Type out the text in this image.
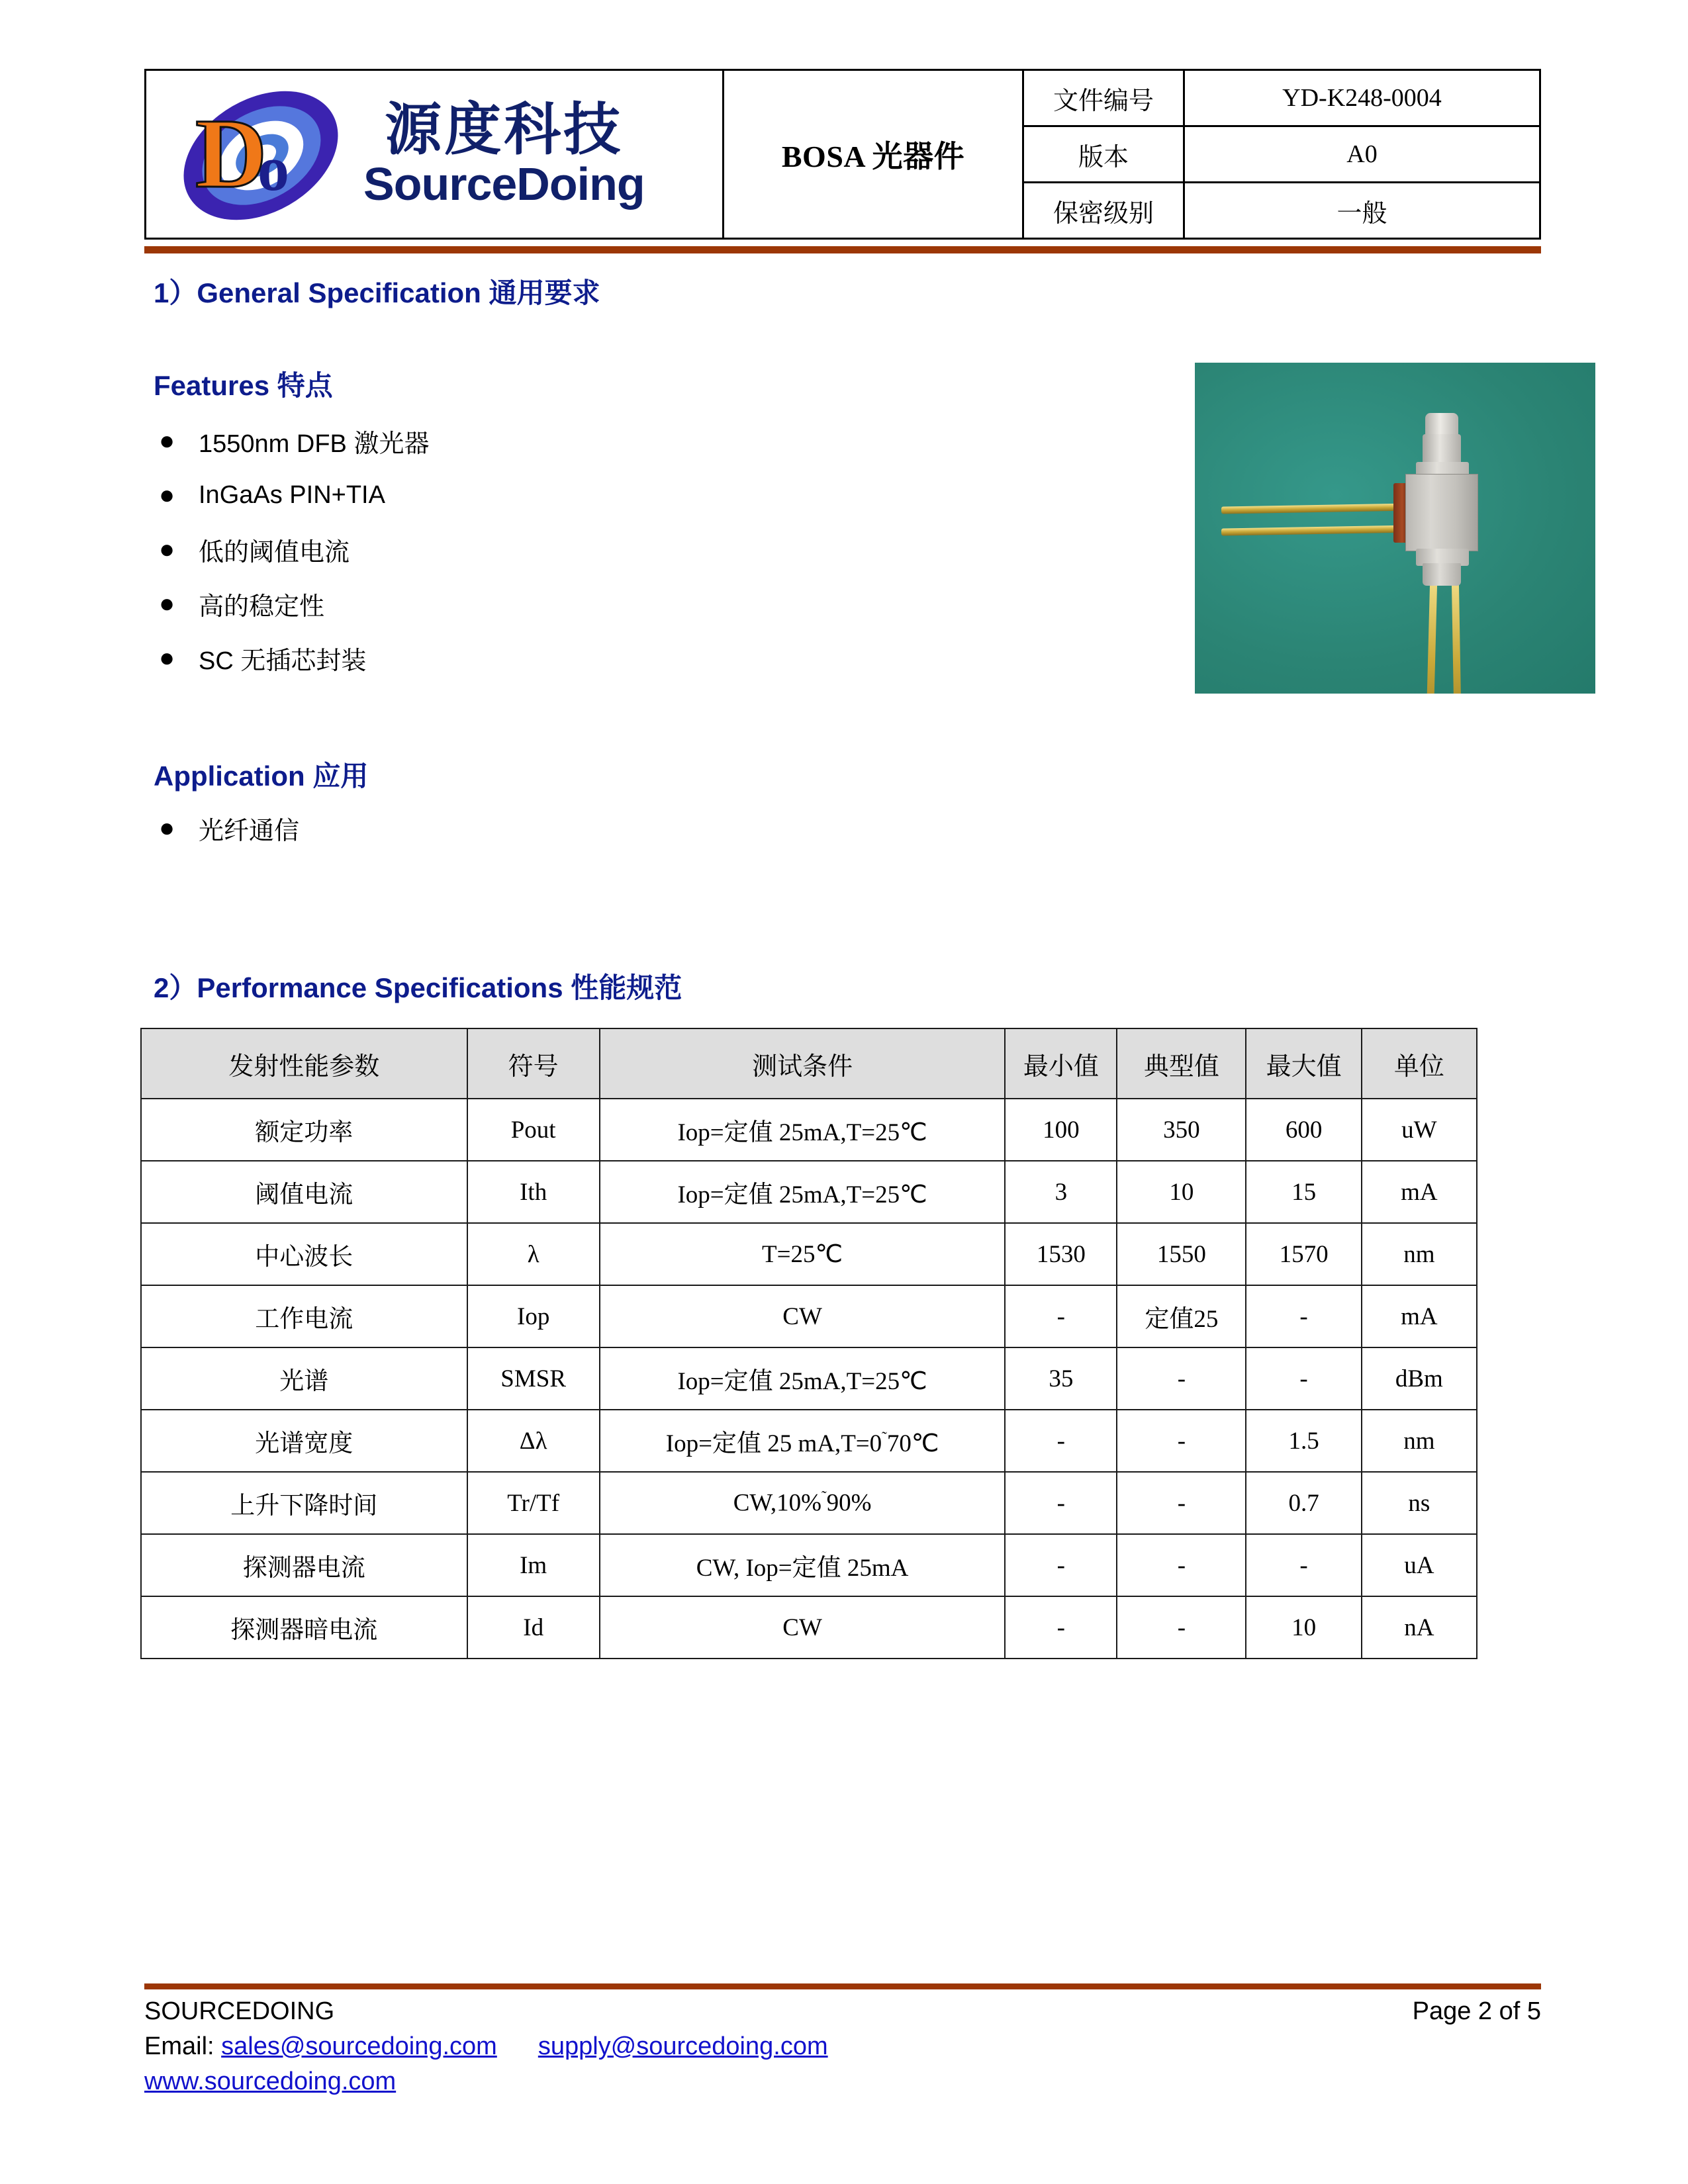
D
o
源度科技
SourceDoing	BOSA 光器件	文件编号	YD-K248-0004
		版本	A0
		保密级别	一般
1）General Specification 通用要求
Features 特点
● 1550nm DFB 激光器
● InGaAs PIN+TIA
● 低的阈值电流
● 高的稳定性
● SC 无插芯封装
Application 应用
● 光纤通信
2）Performance Specifications 性能规范
发射性能参数	符号	测试条件	最小值	典型值	最大值	单位
额定功率	Pout	Iop=定值 25mA,T=25℃	100	350	600	uW
阈值电流	Ith	Iop=定值 25mA,T=25℃	3	10	15	mA
中心波长	λ	T=25℃	1530	1550	1570	nm
工作电流	Iop	CW	-	定值25	-	mA
光谱	SMSR	Iop=定值 25mA,T=25℃	35	-	-	dBm
光谱宽度	Δλ	Iop=定值 25 mA,T=0˜70℃	-	-	1.5	nm
上升下降时间	Tr/Tf	CW,10%˜90%	-	-	0.7	ns
探测器电流	Im	CW, Iop=定值 25mA	-	-	-	uA
探测器暗电流	Id	CW	-	-	10	nA
SOURCEDOING	Page 2 of 5
Email: sales@sourcedoing.com supply@sourcedoing.com
www.sourcedoing.com
